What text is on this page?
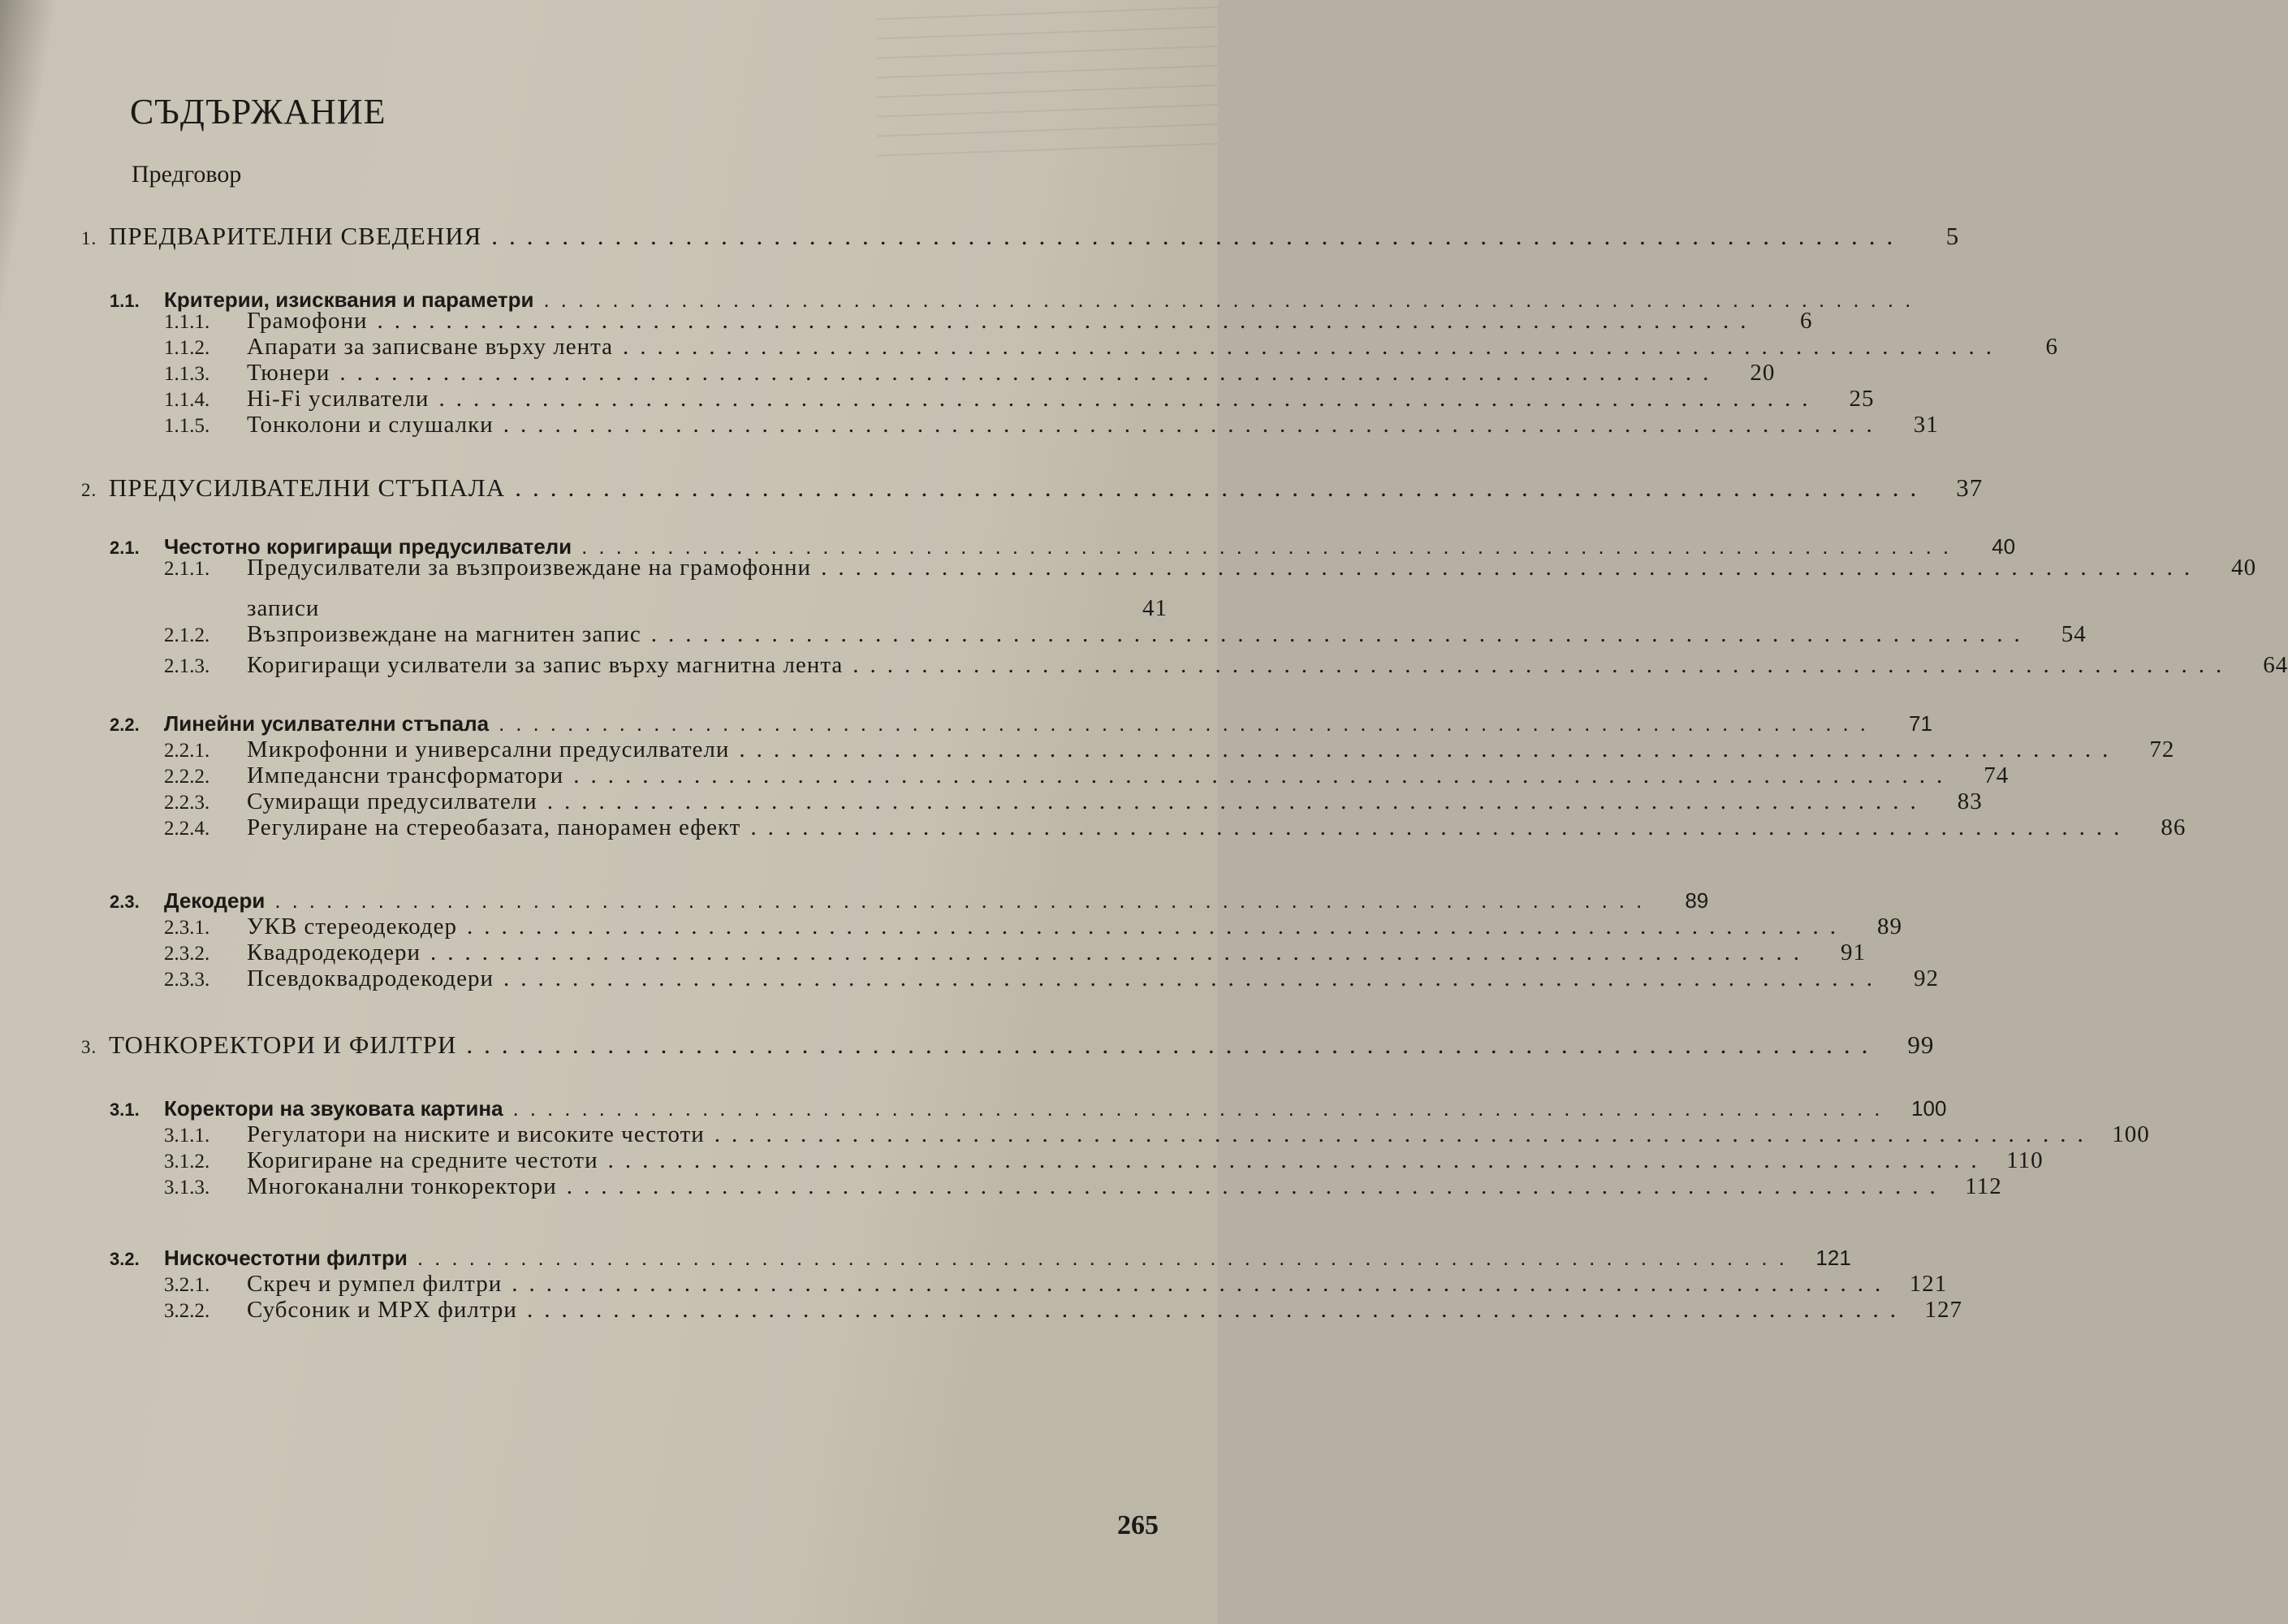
СЪДЪРЖАНИЕ
Предговор
1. ПРЕДВАРИТЕЛНИ СВЕДЕНИЯ ................................................................................	5
1.1.	Критерии, изисквания и параметри ................................................................................
1.1.1.	Грамофони ................................................................................	6
1.1.2.	Апарати за записване върху лента ................................................................................	6
1.1.3.	Тюнери ................................................................................	20
1.1.4.	Hi-Fi усилватели ................................................................................	25
1.1.5.	Тонколони и слушалки ................................................................................	31
2. ПРЕДУСИЛВАТЕЛНИ СТЪПАЛА ................................................................................	37
2.1.	Честотно коригиращи предусилватели ................................................................................	40
2.1.1.	Предусилватели за възпроизвеждане на грамофонни ................................................................................	40
записи	41
2.1.2.	Възпроизвеждане на магнитен запис ................................................................................	54
2.1.3.	Коригиращи усилватели за запис върху магнитна лента ................................................................................	64
2.2.	Линейни усилвателни стъпала ................................................................................	71
2.2.1.	Микрофонни и универсални предусилватели ................................................................................	72
2.2.2.	Импедансни трансформатори ................................................................................	74
2.2.3.	Сумиращи предусилватели ................................................................................	83
2.2.4.	Регулиране на стереобазата, панорамен ефект ................................................................................	86
2.3.	Декодери ................................................................................	89
2.3.1.	УКВ стереодекодер ................................................................................	89
2.3.2.	Квадродекодери ................................................................................	91
2.3.3.	Псевдоквадродекодери ................................................................................	92
3. ТОНКОРЕКТОРИ И ФИЛТРИ ................................................................................	99
3.1.	Коректори на звуковата картина ................................................................................ 100
3.1.1.	Регулатори на ниските и високите честоти ................................................................................ 100
3.1.2.	Коригиране на средните честоти ................................................................................ 110
3.1.3.	Многоканални тонкоректори ................................................................................ 112
3.2.	Нискочестотни филтри ................................................................................ 121
3.2.1.	Скреч и румпел филтри ................................................................................ 121
3.2.2.	Субсоник и MPX филтри ................................................................................ 127
265
